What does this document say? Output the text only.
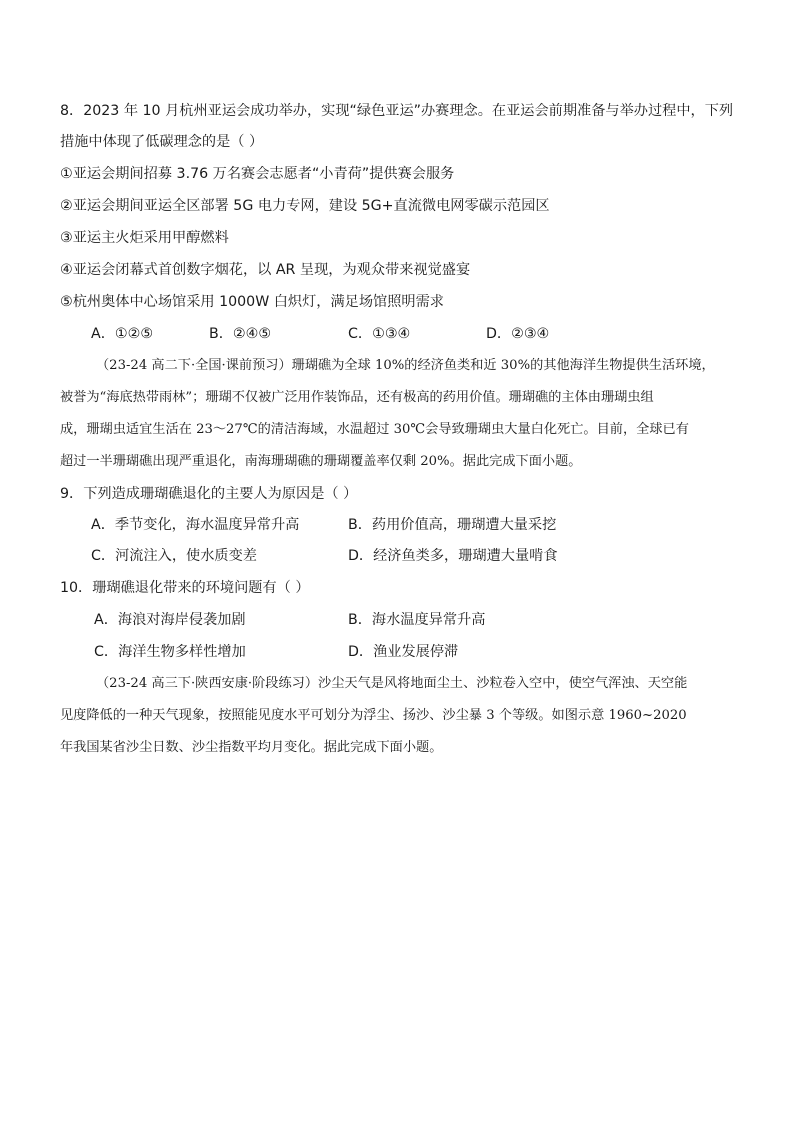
8．2023 年 10 月杭州亚运会成功举办，实现“绿色亚运”办赛理念。在亚运会前期准备与举办过程中，下列
措施中体现了低碳理念的是（ ）
①亚运会期间招募 3.76 万名赛会志愿者“小青荷”提供赛会服务
②亚运会期间亚运全区部署 5G 电力专网，建设 5G+直流微电网零碳示范园区
③亚运主火炬采用甲醇燃料
④亚运会闭幕式首创数字烟花，以 AR 呈现，为观众带来视觉盛宴
⑤杭州奥体中心场馆采用 1000W 白炽灯，满足场馆照明需求
A．①②⑤	B．②④⑤	C．①③④	D．②③④
（23-24 高二下·全国·课前预习）珊瑚礁为全球 10%的经济鱼类和近 30%的其他海洋生物提供生活环境，
被誉为“海底热带雨林”；珊瑚不仅被广泛用作装饰品，还有极高的药用价值。珊瑚礁的主体由珊瑚虫组
成，珊瑚虫适宜生活在 23～27℃的清洁海域，水温超过 30℃会导致珊瑚虫大量白化死亡。目前，全球已有
超过一半珊瑚礁出现严重退化，南海珊瑚礁的珊瑚覆盖率仅剩 20%。据此完成下面小题。
9．下列造成珊瑚礁退化的主要人为原因是（ ）
A．季节变化，海水温度异常升高	B．药用价值高，珊瑚遭大量采挖
C．河流注入，使水质变差	D．经济鱼类多，珊瑚遭大量啃食
10．珊瑚礁退化带来的环境问题有（ ）
A．海浪对海岸侵袭加剧	B．海水温度异常升高
C．海洋生物多样性增加	D．渔业发展停滞
（23-24 高三下·陕西安康·阶段练习）沙尘天气是风将地面尘土、沙粒卷入空中，使空气浑浊、天空能
见度降低的一种天气现象，按照能见度水平可划分为浮尘、扬沙、沙尘暴 3 个等级。如图示意 1960~2020
年我国某省沙尘日数、沙尘指数平均月变化。据此完成下面小题。
